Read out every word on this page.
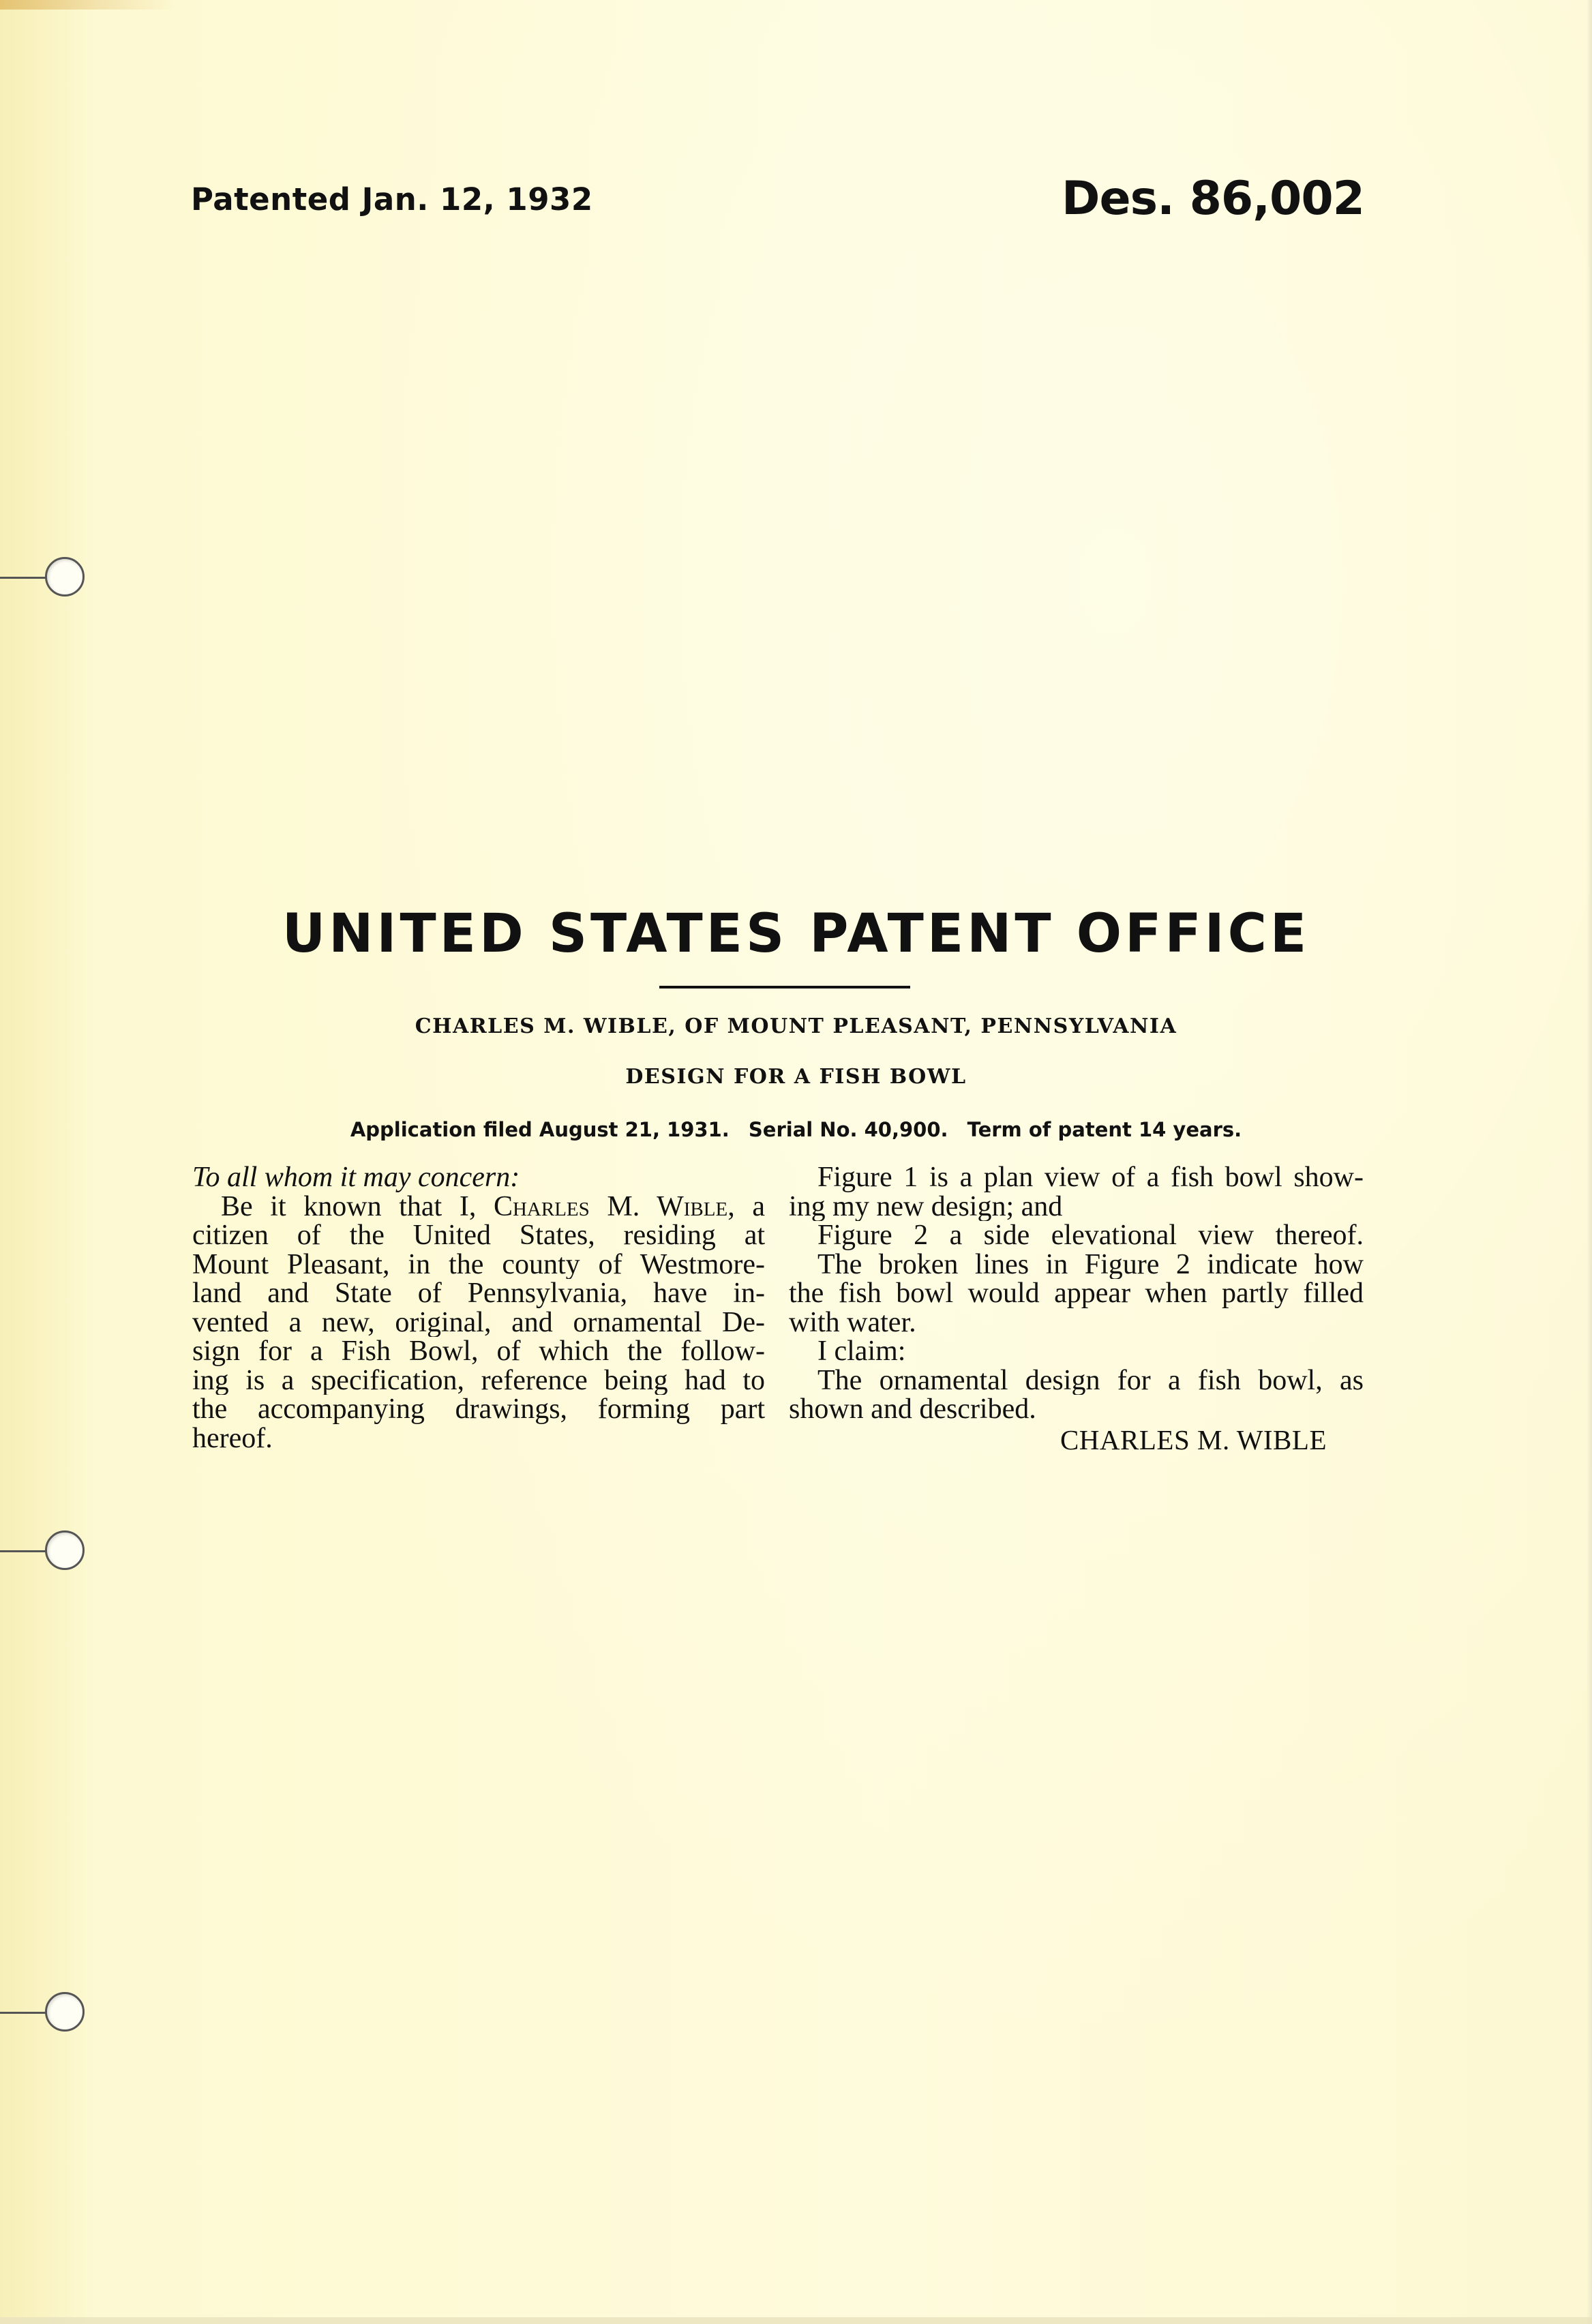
Patented Jan. 12, 1932	Des. 86,002
UNITED STATES PATENT OFFICE
CHARLES M. WIBLE, OF MOUNT PLEASANT, PENNSYLVANIA
DESIGN FOR A FISH BOWL
Application filed August 21, 1931. Serial No. 40,900. Term of patent 14 years.
To all whom it may concern:
Be it known that I, Charles M. Wible, a
citizen of the United States, residing at
Mount Pleasant, in the county of Westmore-
land and State of Pennsylvania, have in-
vented a new, original, and ornamental De-
sign for a Fish Bowl, of which the follow-
ing is a specification, reference being had to
the accompanying drawings, forming part
hereof.
Figure 1 is a plan view of a fish bowl show-
ing my new design; and
Figure 2 a side elevational view thereof.
The broken lines in Figure 2 indicate how
the fish bowl would appear when partly filled
with water.
I claim:
The ornamental design for a fish bowl, as
shown and described.
CHARLES M. WIBLE
